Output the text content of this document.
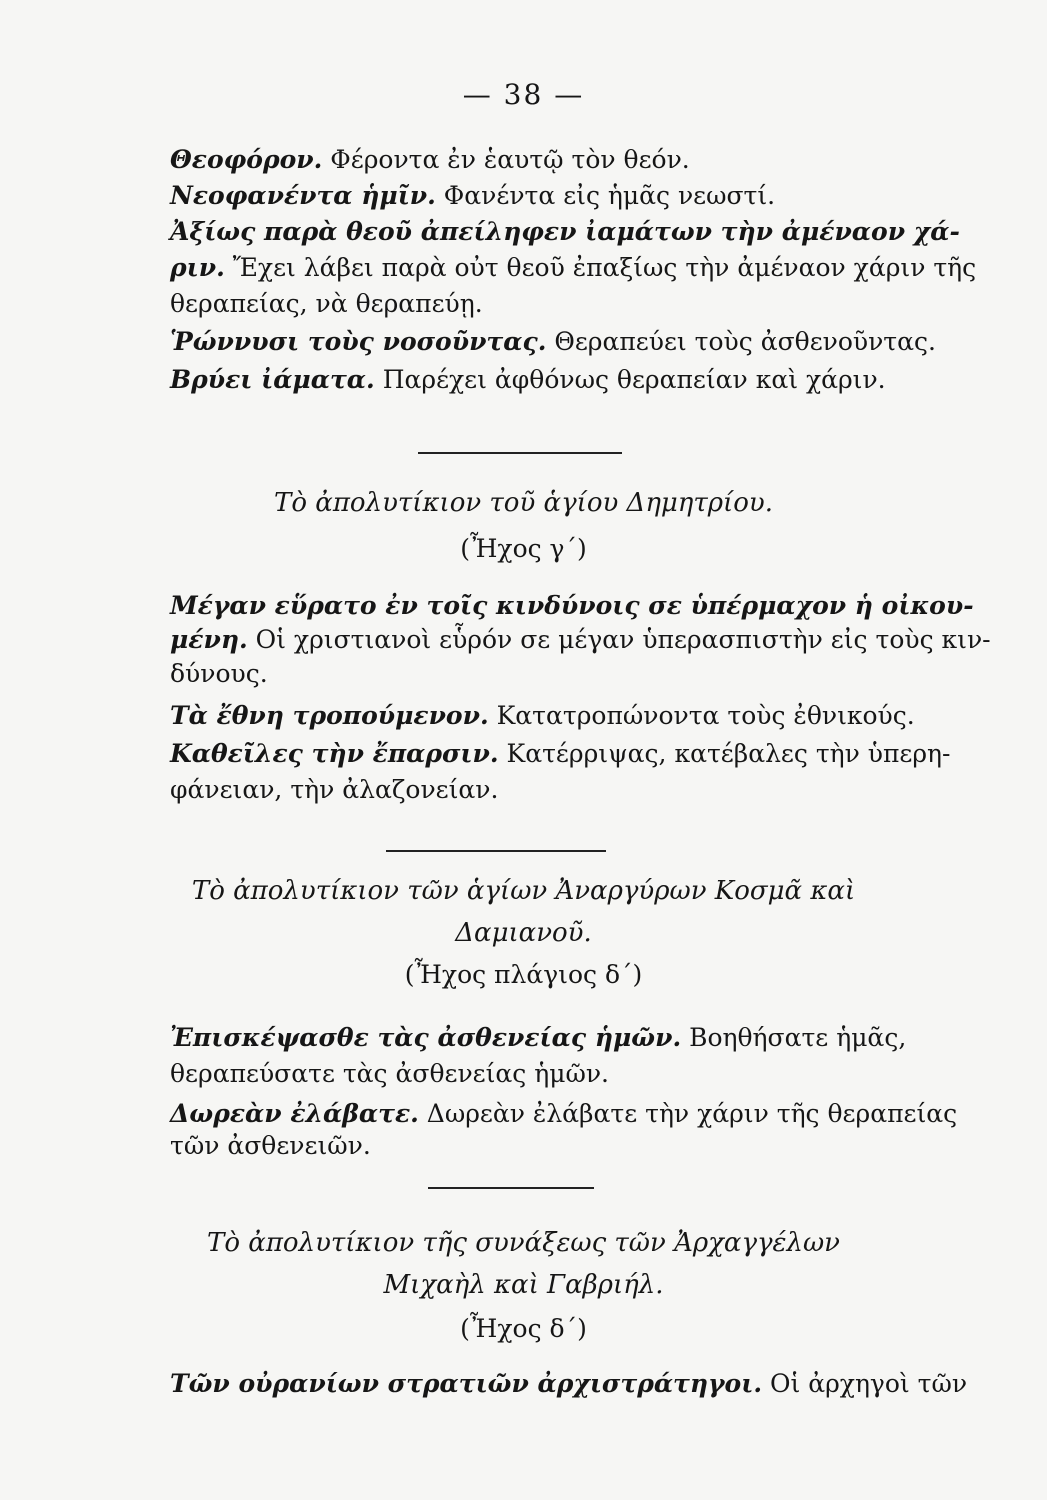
— 38 —
Θεοφόρον. Φέροντα ἐν ἑαυτῷ τὸν θεόν.
Νεοφανέντα ἡμῖν. Φανέντα εἰς ἡμᾶς νεωστί.
Ἀξίως παρὰ θεοῦ ἀπείληφεν ἰαμάτων τὴν ἀμέναον χά-
ριν. Ἔχει λάβει παρὰ οὐτ θεοῦ ἐπαξίως τὴν ἀμέναον χάριν τῆς
θεραπείας, νὰ θεραπεύῃ.
Ῥώννυσι τοὺς νοσοῦντας. Θεραπεύει τοὺς ἀσθενοῦντας.
Βρύει ἰάματα. Παρέχει ἀφθόνως θεραπείαν καὶ χάριν.
Τὸ ἀπολυτίκιον τοῦ ἁγίου Δημητρίου.
(Ἦχος γ΄)
Μέγαν εὕρατο ἐν τοῖς κινδύνοις σε ὑπέρμαχον ἡ οἰκου-
μένη. Οἱ χριστιανοὶ εὗρόν σε μέγαν ὑπερασπιστὴν εἰς τοὺς κιν-
δύνους.
Τὰ ἔθνη τροπούμενον. Κατατροπώνοντα τοὺς ἐθνικούς.
Καθεῖλες τὴν ἔπαρσιν. Κατέρριψας, κατέβαλες τὴν ὑπερη-
φάνειαν, τὴν ἀλαζονείαν.
Τὸ ἀπολυτίκιον τῶν ἁγίων Ἀναργύρων Κοσμᾶ καὶ
Δαμιανοῦ.
(Ἦχος πλάγιος δ΄)
Ἐπισκέψασθε τὰς ἀσθενείας ἡμῶν. Βοηθήσατε ἡμᾶς,
θεραπεύσατε τὰς ἀσθενείας ἡμῶν.
Δωρεὰν ἐλάβατε. Δωρεὰν ἐλάβατε τὴν χάριν τῆς θεραπείας
τῶν ἀσθενειῶν.
Τὸ ἀπολυτίκιον τῆς συνάξεως τῶν Ἀρχαγγέλων
Μιχαὴλ καὶ Γαβριήλ.
(Ἦχος δ΄)
Τῶν οὐρανίων στρατιῶν ἀρχιστράτηγοι. Οἱ ἀρχηγοὶ τῶν
